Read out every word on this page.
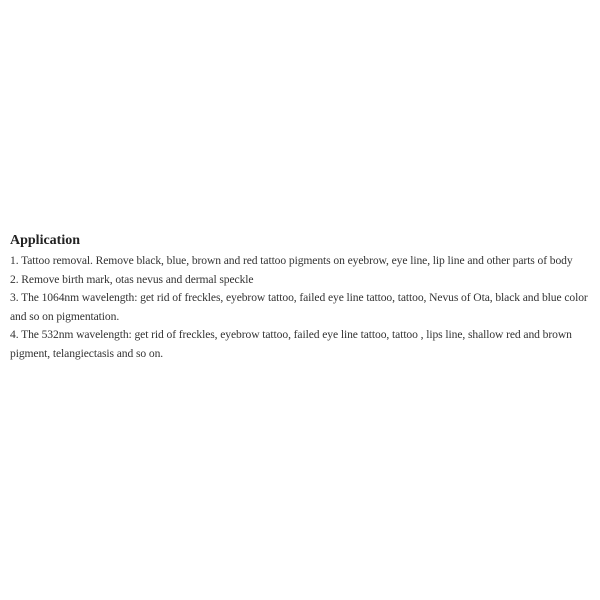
Application

1. Tattoo removal. Remove black, blue, brown and red tattoo pigments on eyebrow, eye line, lip line and other parts of body

2. Remove birth mark, otas nevus and dermal speckle

3. The 1064nm wavelength: get rid of freckles, eyebrow tattoo, failed eye line tattoo, tattoo, Nevus of Ota, black and blue color and so on pigmentation.

4. The 532nm wavelength: get rid of freckles, eyebrow tattoo, failed eye line tattoo, tattoo , lips line, shallow red and brown pigment, telangiectasis and so on.
